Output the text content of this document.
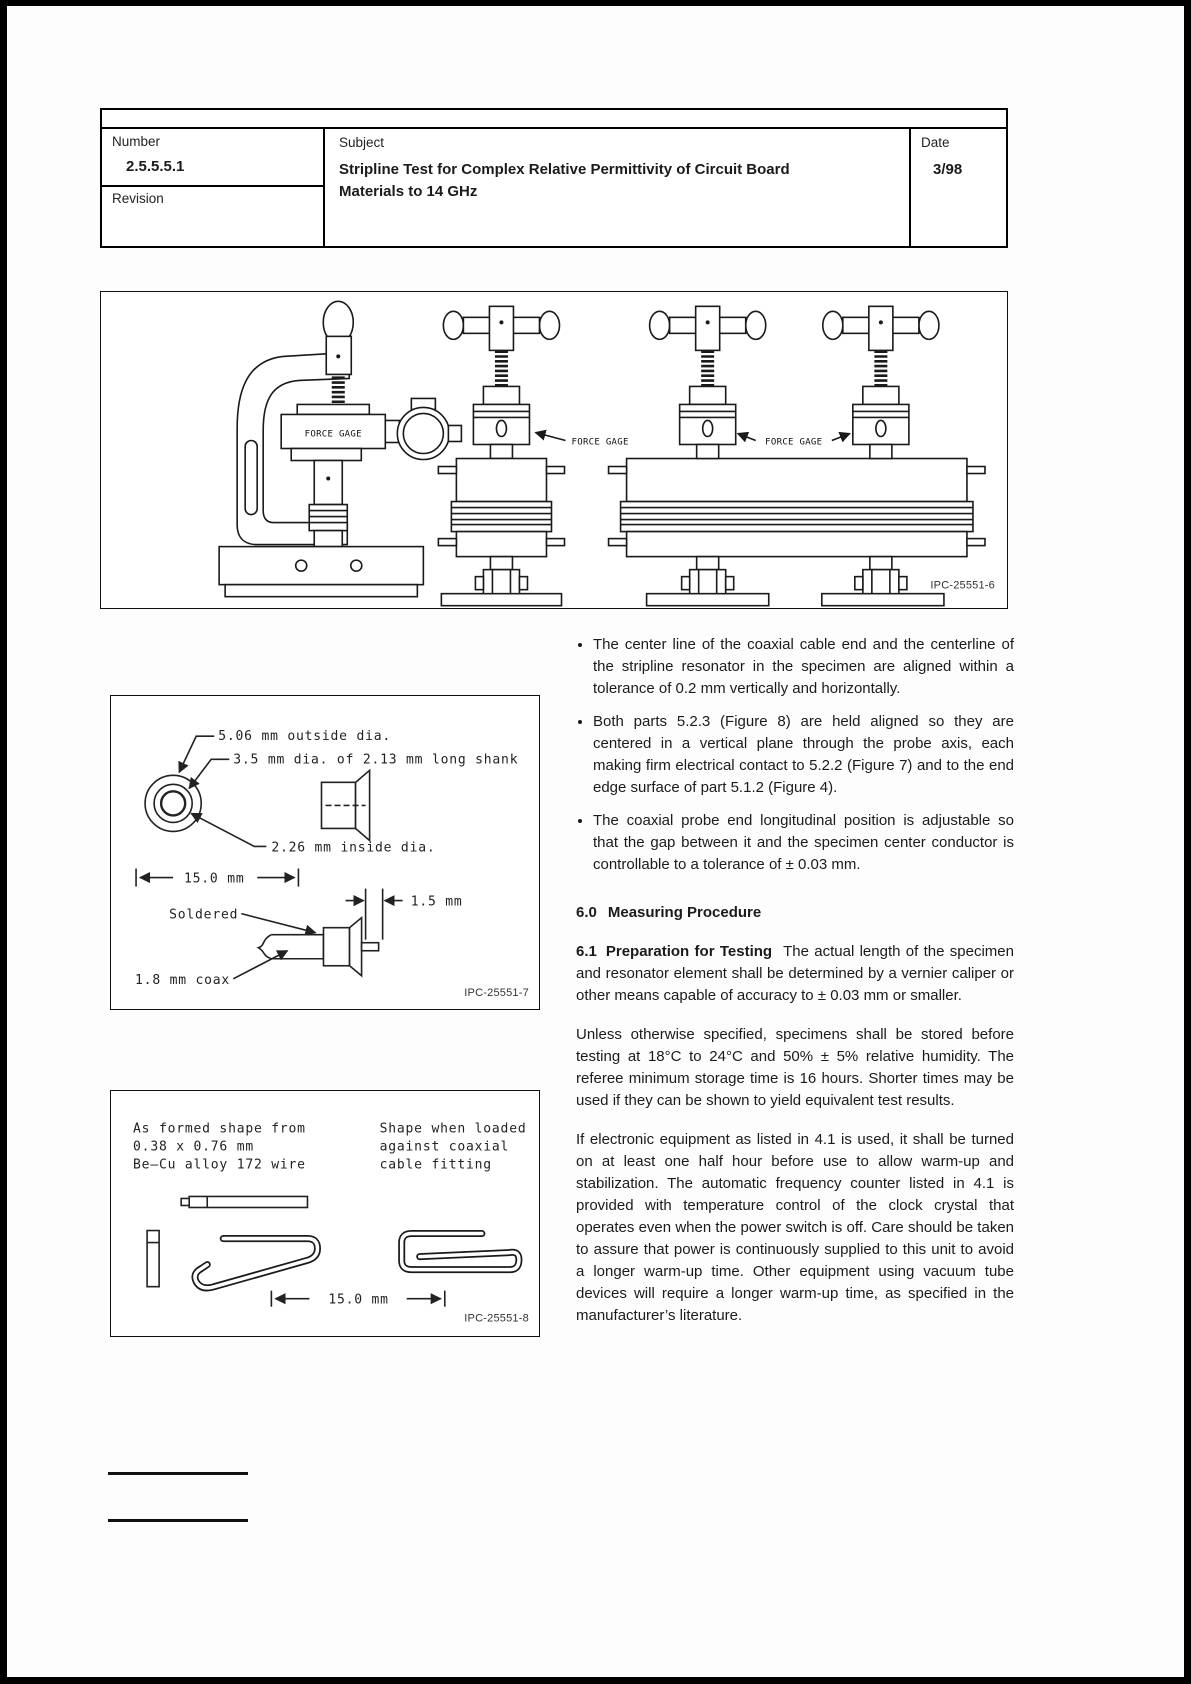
Number
2.5.5.5.1
Revision
Subject
Stripline Test for Complex Relative Permittivity of Circuit Board Materials to 14 GHz
Date
3/98
FORCE GAGE
FORCE GAGE	FORCE GAGE
IPC-25551-6
5.06 mm outside dia.
3.5 mm dia. of 2.13 mm long shank
2.26 mm inside dia.
15.0 mm
Soldered
1.5 mm
1.8 mm coax
IPC-25551-7
As formed shape from
0.38 x 0.76 mm
Be–Cu alloy 172 wire
Shape when loaded
against coaxial
cable fitting
15.0 mm
IPC-25551-8
• The center line of the coaxial cable end and the centerline of the stripline resonator in the specimen are aligned within a tolerance of 0.2 mm vertically and horizontally.
• Both parts 5.2.3 (Figure 8) are held aligned so they are centered in a vertical plane through the probe axis, each making firm electrical contact to 5.2.2 (Figure 7) and to the end edge surface of part 5.1.2 (Figure 4).
• The coaxial probe end longitudinal position is adjustable so that the gap between it and the specimen center conductor is controllable to a tolerance of ± 0.03 mm.
6.0 Measuring Procedure

6.1 Preparation for Testing The actual length of the specimen and resonator element shall be determined by a vernier caliper or other means capable of accuracy to ± 0.03 mm or smaller.

Unless otherwise specified, specimens shall be stored before testing at 18°C to 24°C and 50% ± 5% relative humidity. The referee minimum storage time is 16 hours. Shorter times may be used if they can be shown to yield equivalent test results.

If electronic equipment as listed in 4.1 is used, it shall be turned on at least one half hour before use to allow warm-up and stabilization. The automatic frequency counter listed in 4.1 is provided with temperature control of the clock crystal that operates even when the power switch is off. Care should be taken to assure that power is continuously supplied to this unit to avoid a longer warm-up time. Other equipment using vacuum tube devices will require a longer warm-up time, as specified in the manufacturer’s literature.
